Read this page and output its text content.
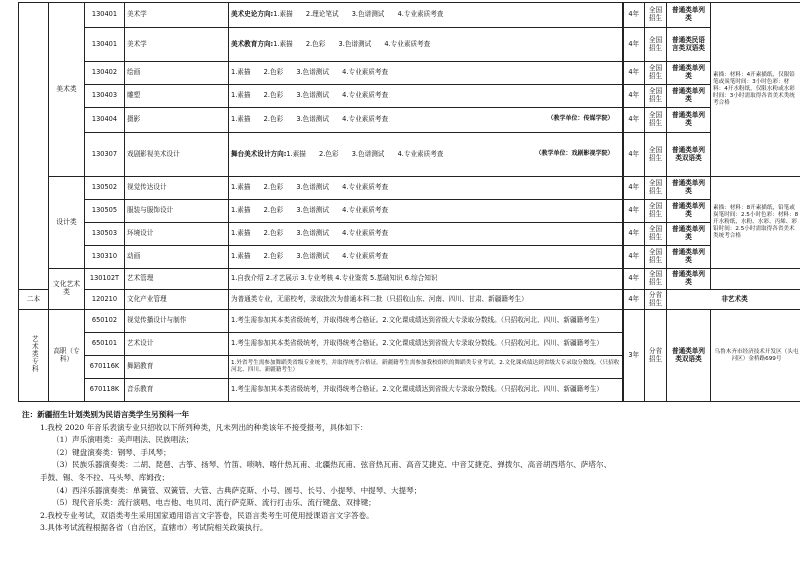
	美术类	130401	美术学	美术史论方向:1.素描　　2.理论笔试　　3.色谱测试　　4.专业素质考查	4年	全国招生	普通类单列类	素描：材料：4开素描纸，仅限铅笔或炭笔时间：3小时色彩：材料：4开水粉纸，仅限水粉或水彩时间：3小时需取得各省美术类统考合格
		130401	美术学	美术教育方向:1.素描　　2.色彩　　3.色谱测试　　4.专业素质考查	4年	全国招生	普通类民语言类双语类	
		130402	绘画	1.素描　　2.色彩　　3.色谱测试　　4.专业素质考查	4年	全国招生	普通类单列类	
		130403	雕塑	1.素描　　2.色彩　　3.色谱测试　　4.专业素质考查	4年	全国招生	普通类单列类	
		130404	摄影	1.素描　　2.色彩　　3.色谱测试　　4.专业素质考查 （教学单位：传媒学院）	4年	全国招生	普通类单列类	
		130307	戏剧影视美术设计	舞台美术设计方向:1.素描　　2.色彩　　3.色谱测试　　4.专业素质考查 （教学单位：戏剧影视学院）	4年	全国招生	普通类单列类双语类	
	设计类	130502	视觉传达设计	1.素描　　2.色彩　　3.色谱测试　　4.专业素质考查	4年	全国招生	普通类单列类	素描：材料：8开素描纸，铅笔或炭笔时间：2.5小时色彩：材料：8开水粉纸，水粉、水彩、丙烯、彩铅时间：2.5小时需取得各省美术类统考合格
		130505	服装与服饰设计	1.素描　　2.色彩　　3.色谱测试　　4.专业素质考查	4年	全国招生	普通类单列类	
		130503	环境设计	1.素描　　2.色彩　　3.色谱测试　　4.专业素质考查	4年	全国招生	普通类单列类	
		130310	动画	1.素描　　2.色彩　　3.色谱测试　　4.专业素质考查	4年	全国招生	普通类单列类	
	文化艺术类	130102T	艺术管理	1.自我介绍 2.才艺展示 3.专业考核 4.专业鉴赏 5.基础知识 6.综合知识	4年	全国招生	普通类单列类	
二本		120210	文化产业管理	为普通类专业，无需校考，录取批次为普通本科二批（只招收山东、河南、四川、甘肃、新疆籍考生）	4年	分省招生	非艺术类	
艺术类专科	高职（专科）	650102	视觉传播设计与制作	1.考生需参加其本类省级统考，并取得统考合格证。2.文化课成绩达到省级大专录取分数线。（只招收河北、四川、新疆籍考生）	3年	分省招生	普通类单列类双语类	乌鲁木齐市经济技术开发区（头屯河区）金桥路699号
		650101	艺术设计	1.考生需参加其本类省级统考，并取得统考合格证。2.文化课成绩达到省级大专录取分数线。（只招收河北、四川、新疆籍考生）				
		670116K	舞蹈教育	1.外省考生需参加舞蹈类省级专业统考，并取得统考合格证。新疆籍考生需参加我校组织的舞蹈类专业考试。2.文化课成绩达到省级大专录取分数线。（只招收河北、四川、新疆籍考生）				
		670118K	音乐教育	1.考生需参加其本类省级统考，并取得统考合格证。2.文化课成绩达到省级大专录取分数线。（只招收河北、四川、新疆籍考生）				
注：新疆招生计划类别为民语言类学生另预科一年
1.我校 2020 年音乐表演专业只招收以下所列种类，凡未列出的种类该年不接受报考，具体如下：
（1）声乐演唱类：美声唱法、民族唱法；
（2）键盘演奏类：钢琴、手风琴；
（3）民族乐器演奏类：二胡、琵琶、古筝、扬琴、竹笛、唢呐、喀什热瓦甫、北疆热瓦甫、弦音热瓦甫、高音艾捷克、中音艾捷克、弹拨尔、高音胡西塔尔、萨塔尔、
手鼓、锡、冬不拉、马头琴、库姆孜；
（4）西洋乐器演奏类：单簧管、双簧管、大管、古典萨克斯、小号、圆号、长号、小提琴、中提琴、大提琴；
（5）现代音乐类：流行演唱、电吉他、电贝司、流行萨克斯、流行打击乐、流行键盘、双排键；
2.我校专业考试，双语类考生采用国家通用语言文字答卷，民语言类考生可使用授课语言文字答卷。
3.具体考试流程根据各省（自治区，直辖市）考试院相关政策执行。
